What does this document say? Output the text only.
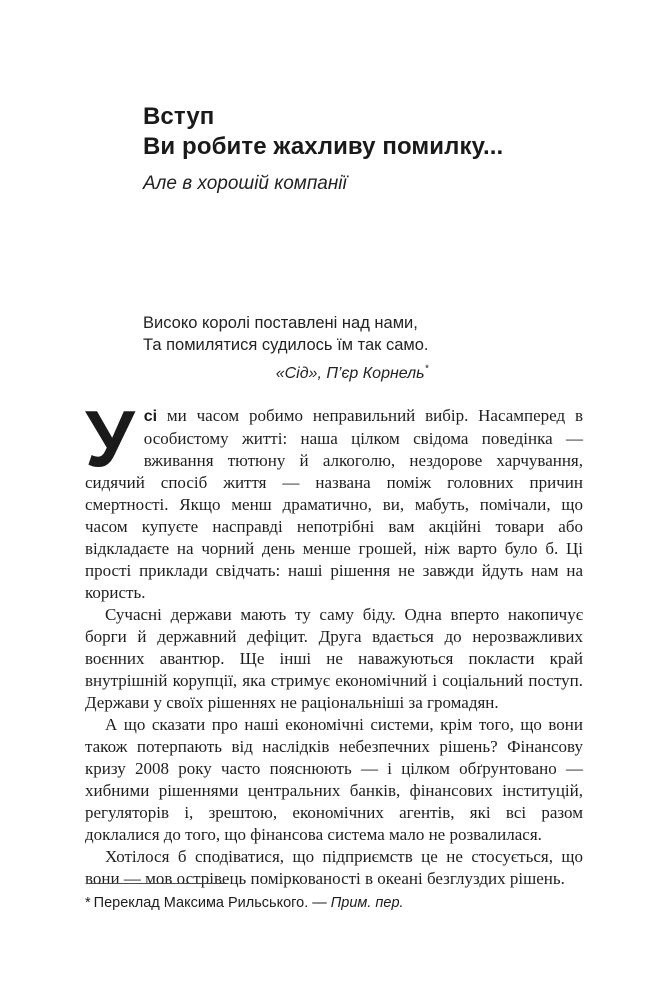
Вступ
Ви робите жахливу помилку...
Але в хорошій компанії
Високо королі поставлені над нами,
Та помилятися судилось їм так само.
«Сід», П’єр Корнель*

Усі ми часом робимо неправильний вибір. Насамперед в особистому житті: наша цілком свідома поведінка — вживання тютюну й алкоголю, нездорове харчування, сидячий спосіб життя — названа поміж головних причин смертності. Якщо менш драматично, ви, мабуть, помічали, що часом купуєте насправді непотрібні вам акційні товари або відкладаєте на чорний день менше грошей, ніж варто було б. Ці прості приклади свідчать: наші рішення не завжди йдуть нам на користь.

Сучасні держави мають ту саму біду. Одна вперто накопичує борги й державний дефіцит. Друга вдається до нерозважливих воєнних авантюр. Ще інші не наважуються покласти край внутрішній корупції, яка стримує економічний і соціальний поступ. Держави у своїх рішеннях не раціональніші за громадян.

А що сказати про наші економічні системи, крім того, що вони також потерпають від наслідків небезпечних рішень? Фінансову кризу 2008 року часто пояснюють — і цілком обґрунтовано — хибними рішеннями центральних банків, фінансових інституцій, регуляторів і, зрештою, економічних агентів, які всі разом доклалися до того, що фінансова система мало не розвалилася.

Хотілося б сподіватися, що підприємств це не стосується, що вони — мов острівець поміркованості в океані безглуздих рішень.

* Переклад Максима Рильського. — Прим. пер.
